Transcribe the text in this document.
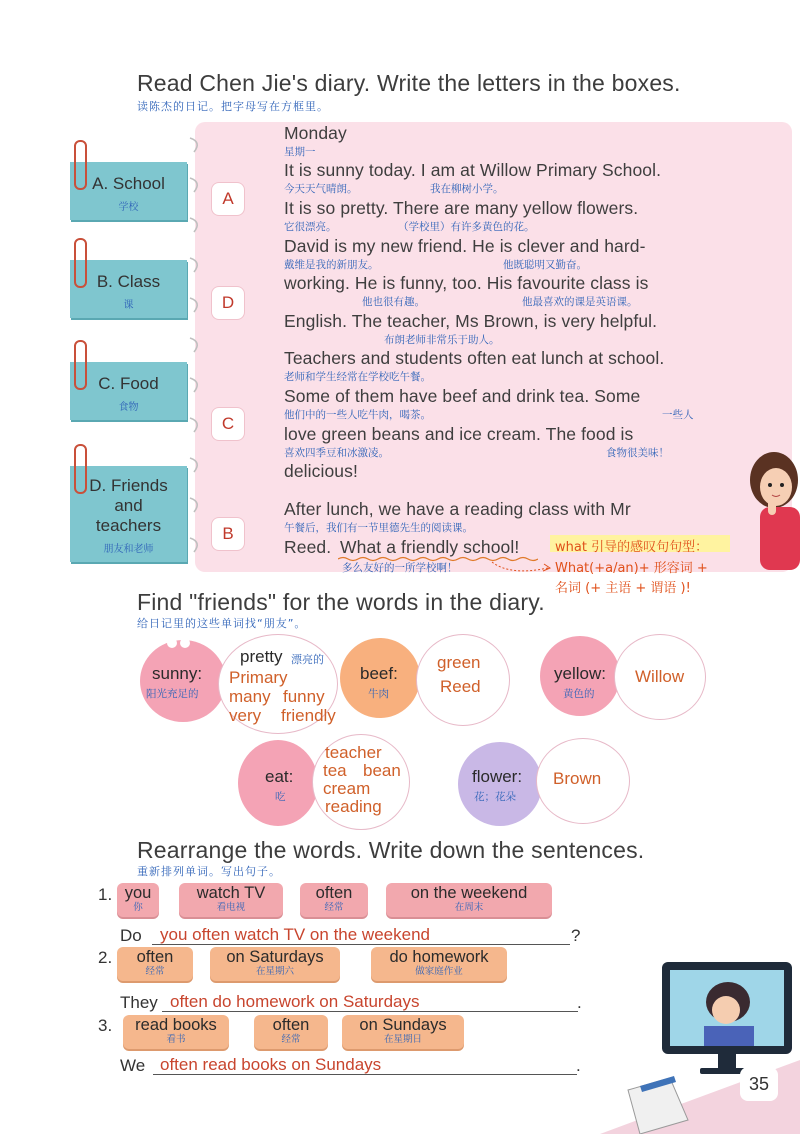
Read Chen Jie's diary. Write the letters in the boxes.
读陈杰的日记。把字母写在方框里。
A. School
学校
B. Class
课
C. Food
食物
D. Friends
and
teachers
朋友和老师
A
D
C
B
Monday
星期一
It is sunny today. I am at Willow Primary School.
今天天气晴朗。	我在柳树小学。
It is so pretty. There are many yellow flowers.
它很漂亮。	（学校里）有许多黄色的花。
David is my new friend. He is clever and hard-
戴维是我的新朋友。	他既聪明又勤奋。
working. He is funny, too. His favourite class is
他也很有趣。	他最喜欢的课是英语课。
English. The teacher, Ms Brown, is very helpful.
布朗老师非常乐于助人。
Teachers and students often eat lunch at school.
老师和学生经常在学校吃午餐。
Some of them have beef and drink tea. Some
他们中的一些人吃牛肉，喝茶。	一些人
love green beans and ice cream. The food is
喜欢四季豆和冰激凌。	食物很美味！
delicious!
After lunch, we have a reading class with Mr
午餐后，我们有一节里德先生的阅读课。
Reed. What a friendly school!
多么友好的一所学校啊！
what 引导的感叹句句型：
What(+a/an)+ 形容词 +
名词 (+ 主语 + 谓语 )!
Find "friends" for the words in the diary.
给日记里的这些单词找“朋友”。
sunny:
阳光充足的
pretty 漂亮的
Primary
many funny
very friendly
beef:
牛肉
green
Reed
yellow:
黄色的
Willow
eat:
吃
teacher
tea bean
cream
reading
flower:
花；花朵
Brown
Rearrange the words. Write down the sentences.
重新排列单词。写出句子。
1. you
你
watch TV
看电视
often
经常
on the weekend
在周末
Do you often watch TV on the weekend	?
2.	often
经常
on Saturdays
在星期六
do homework
做家庭作业
They often do homework on Saturdays	.
3.	read books
看书
often
经常
on Sundays
在星期日
We often read books on Sundays	.
35
